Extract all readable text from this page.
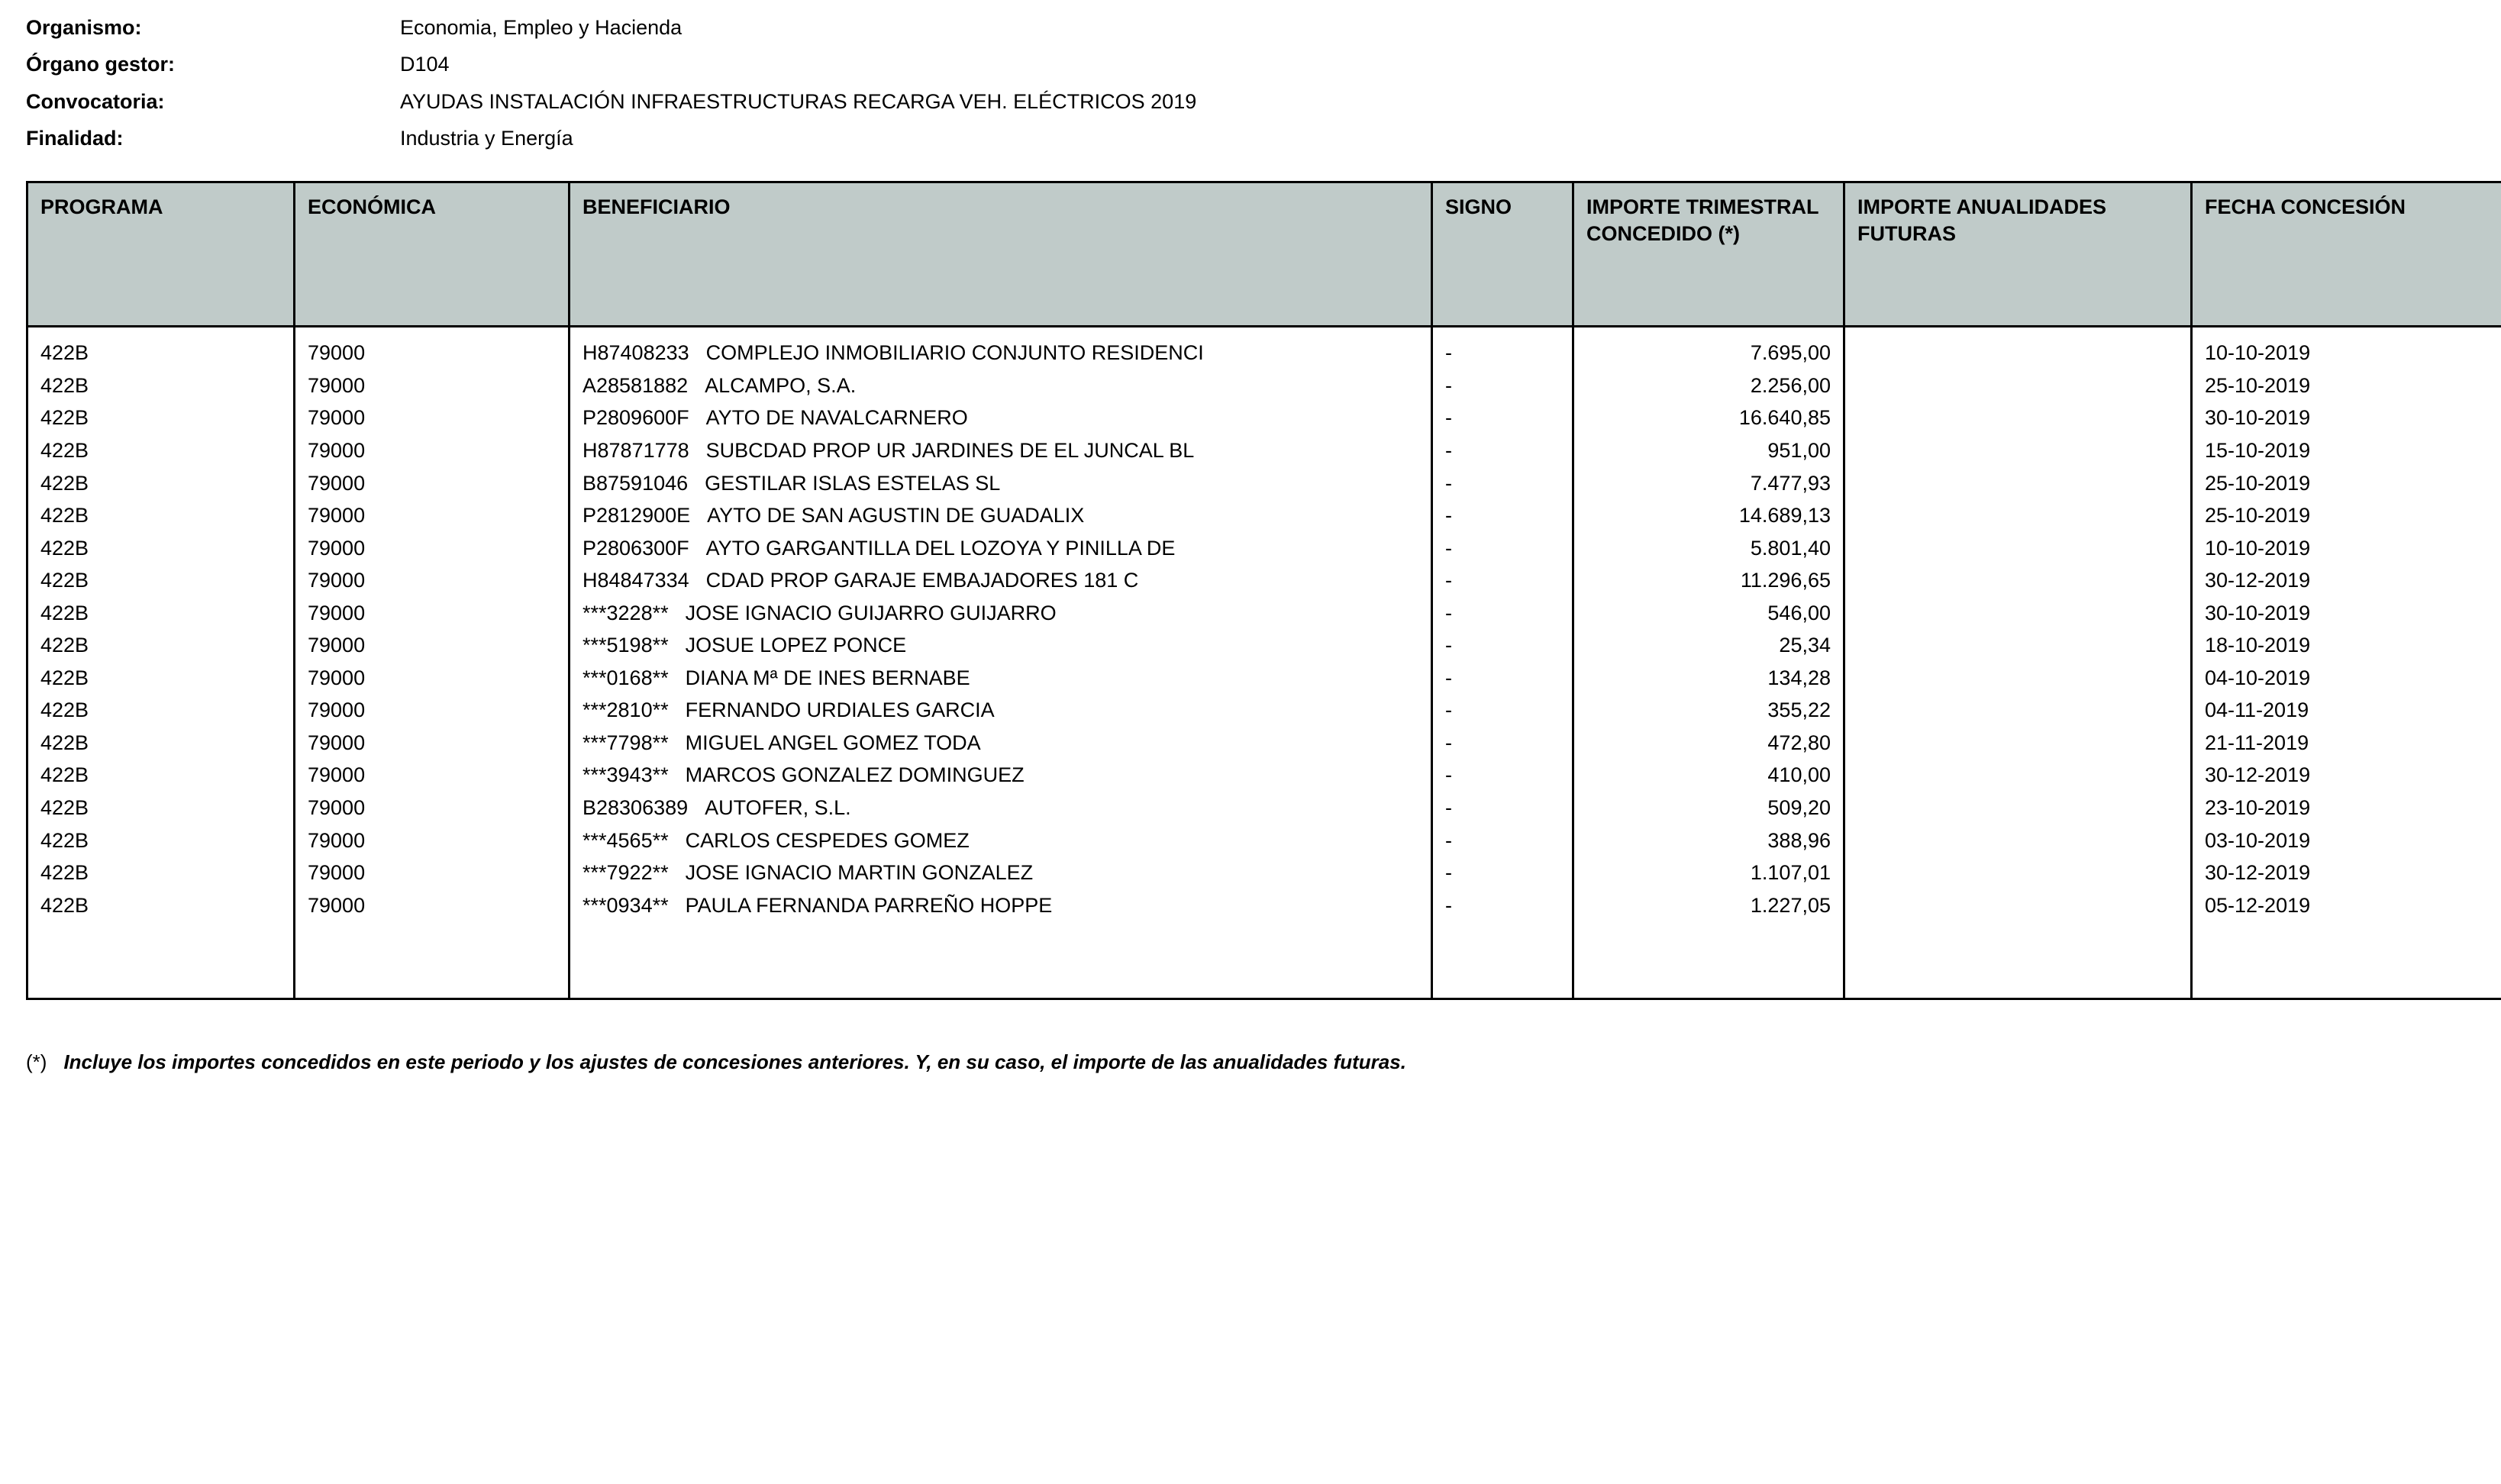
Organismo:	Economia, Empleo y Hacienda
Órgano gestor:	D104
Convocatoria:	AYUDAS INSTALACIÓN INFRAESTRUCTURAS RECARGA VEH. ELÉCTRICOS 2019
Finalidad:	Industria y Energía
PROGRAMA	ECONÓMICA	BENEFICIARIO	SIGNO	IMPORTE TRIMESTRAL CONCEDIDO (*)	IMPORTE ANUALIDADES FUTURAS	FECHA CONCESIÓN
422B	79000	H87408233 COMPLEJO INMOBILIARIO CONJUNTO RESIDENCI	-	7.695,00		10-10-2019
422B	79000	A28581882 ALCAMPO, S.A.	-	2.256,00		25-10-2019
422B	79000	P2809600F AYTO DE NAVALCARNERO	-	16.640,85		30-10-2019
422B	79000	H87871778 SUBCDAD PROP UR JARDINES DE EL JUNCAL BL	-	951,00		15-10-2019
422B	79000	B87591046 GESTILAR ISLAS ESTELAS SL	-	7.477,93		25-10-2019
422B	79000	P2812900E AYTO DE SAN AGUSTIN DE GUADALIX	-	14.689,13		25-10-2019
422B	79000	P2806300F AYTO GARGANTILLA DEL LOZOYA Y PINILLA DE	-	5.801,40		10-10-2019
422B	79000	H84847334 CDAD PROP GARAJE EMBAJADORES 181 C	-	11.296,65		30-12-2019
422B	79000	***3228** JOSE IGNACIO GUIJARRO GUIJARRO	-	546,00		30-10-2019
422B	79000	***5198** JOSUE LOPEZ PONCE	-	25,34		18-10-2019
422B	79000	***0168** DIANA Mª DE INES BERNABE	-	134,28		04-10-2019
422B	79000	***2810** FERNANDO URDIALES GARCIA	-	355,22		04-11-2019
422B	79000	***7798** MIGUEL ANGEL GOMEZ TODA	-	472,80		21-11-2019
422B	79000	***3943** MARCOS GONZALEZ DOMINGUEZ	-	410,00		30-12-2019
422B	79000	B28306389 AUTOFER, S.L.	-	509,20		23-10-2019
422B	79000	***4565** CARLOS CESPEDES GOMEZ	-	388,96		03-10-2019
422B	79000	***7922** JOSE IGNACIO MARTIN GONZALEZ	-	1.107,01		30-12-2019
422B	79000	***0934** PAULA FERNANDA PARREÑO HOPPE	-	1.227,05		05-12-2019

(*) Incluye los importes concedidos en este periodo y los ajustes de concesiones anteriores. Y, en su caso, el importe de las anualidades futuras.
